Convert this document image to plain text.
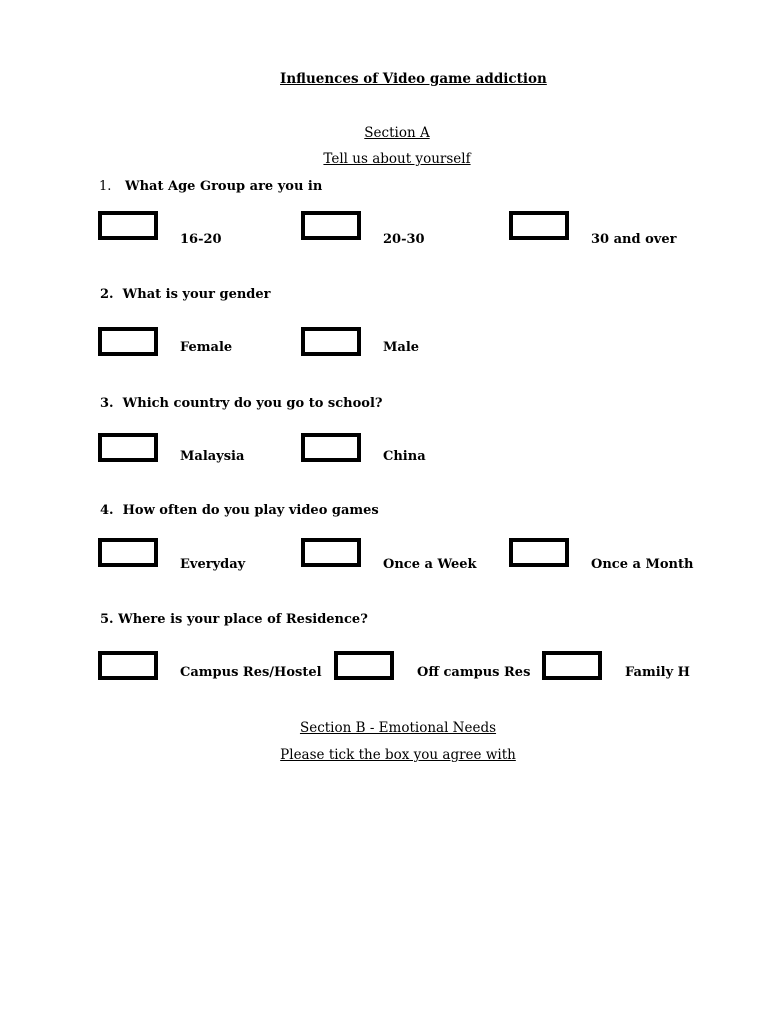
Influences of Video game addiction
Section A
Tell us about yourself
1. What Age Group are you in
16-20	20-30	30 and over
2. What is your gender
Female	Male
3. Which country do you go to school?
Malaysia	China
4. How often do you play video games
Everyday	Once a Week	Once a Month
5. Where is your place of Residence?
Campus Res/Hostel	Off campus Res	Family H
Section B - Emotional Needs
Please tick the box you agree with
